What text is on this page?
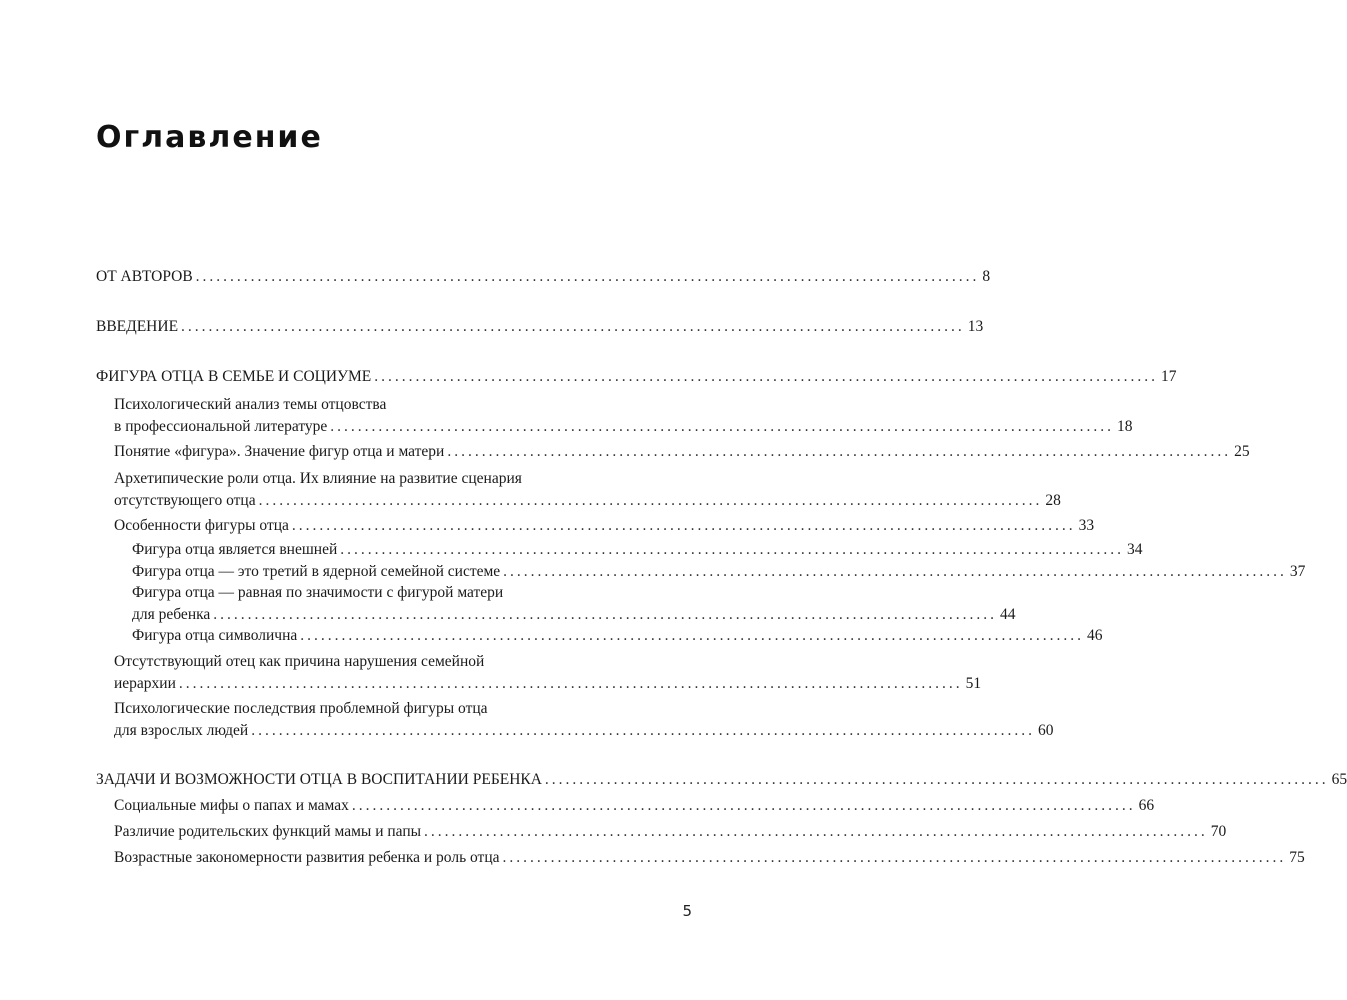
Оглавление
ОТ АВТОРОВ .................................................................................................................. 8
ВВЕДЕНИЕ .................................................................................................................. 13
ФИГУРА ОТЦА В СЕМЬЕ И СОЦИУМЕ .................................................................................................................. 17
Психологический анализ темы отцовства
в профессиональной литературе .................................................................................................................. 18
Понятие «фигура». Значение фигур отца и матери .................................................................................................................. 25
Архетипические роли отца. Их влияние на развитие сценария
отсутствующего отца .................................................................................................................. 28
Особенности фигуры отца .................................................................................................................. 33
Фигура отца является внешней .................................................................................................................. 34
Фигура отца — это третий в ядерной семейной системе .................................................................................................................. 37
Фигура отца — равная по значимости с фигурой матери
для ребенка .................................................................................................................. 44
Фигура отца символична .................................................................................................................. 46
Отсутствующий отец как причина нарушения семейной
иерархии .................................................................................................................. 51
Психологические последствия проблемной фигуры отца
для взрослых людей .................................................................................................................. 60
ЗАДАЧИ И ВОЗМОЖНОСТИ ОТЦА В ВОСПИТАНИИ РЕБЕНКА .................................................................................................................. 65
Социальные мифы о папах и мамах .................................................................................................................. 66
Различие родительских функций мамы и папы .................................................................................................................. 70
Возрастные закономерности развития ребенка и роль отца .................................................................................................................. 75
5
